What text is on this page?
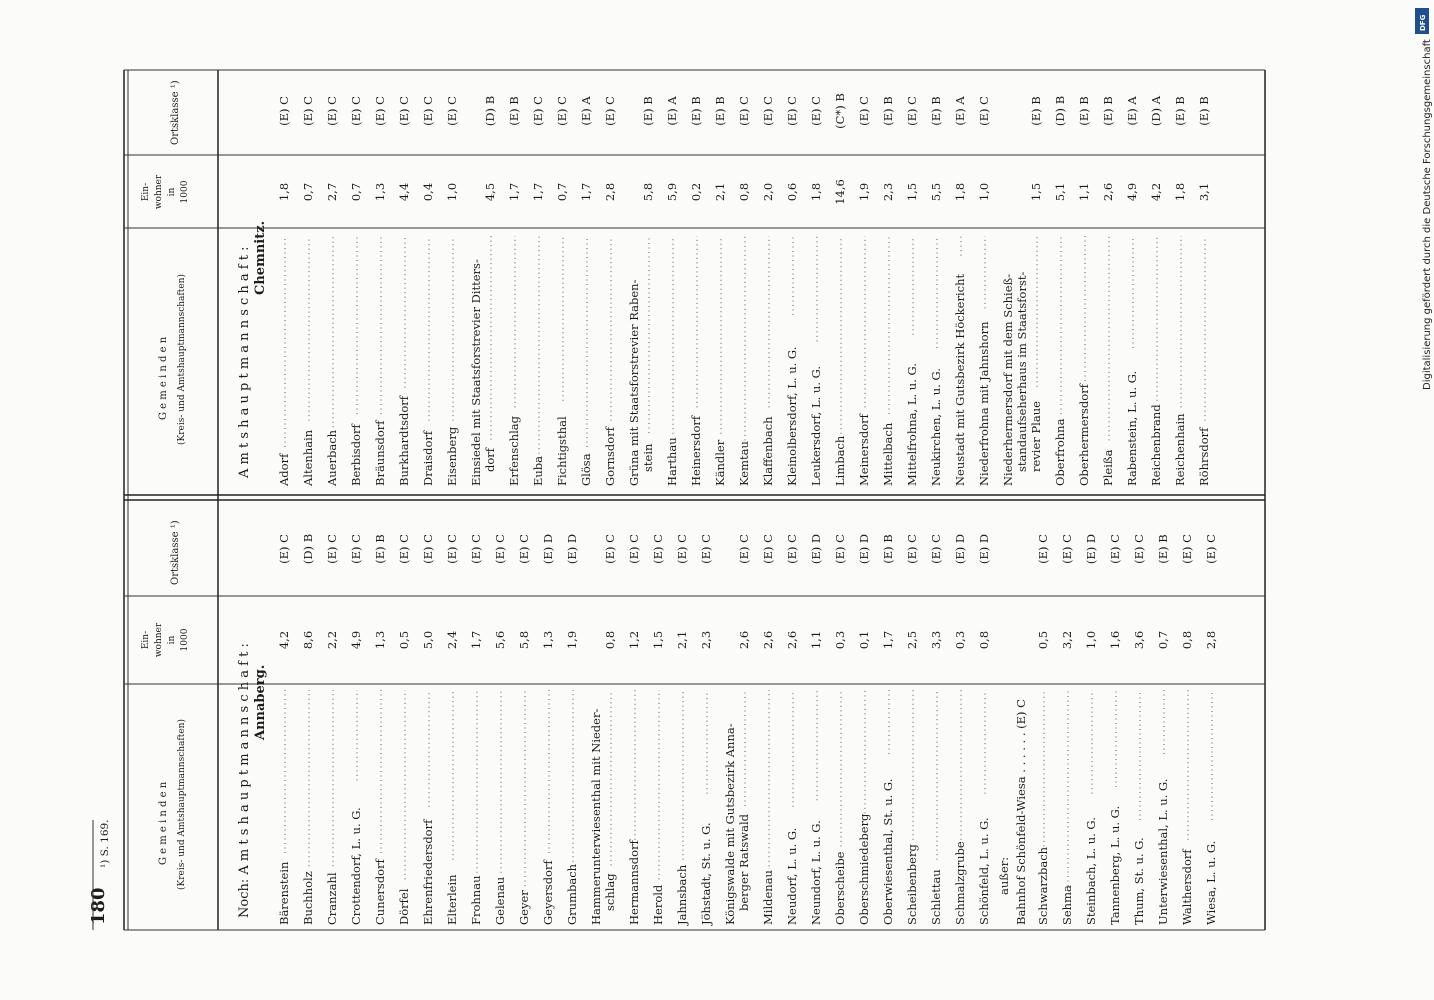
180
¹) S. 169.
Digitalisierung gefördert durch die Deutsche Forschungsgemeinschaft
DFG
G e m e i n d e n (Kreis- und Amtshauptmannschaften)
Ein- wohner in 1000
Ortsklasse ¹)
G e m e i n d e n (Kreis- und Amtshauptmannschaften)
Ein- wohner in 1000
Ortsklasse ¹)
Noch: A m t s h a u p t m a n n s c h a f t : Annaberg.
A m t s h a u p t m a n n s c h a f t : Chemnitz.
Bärenstein
4,2
(E) C
Buchholz
8,6
(D) B
Cranzahl
2,2
(E) C
Crottendorf, L. u. G.
4,9
(E) C
Cunersdorf
1,3
(E) B
Dörfel
0,5
(E) C
Ehrenfriedersdorf
5,0
(E) C
Elterlein
2,4
(E) C
Frohnau
1,7
(E) C
Gelenau
5,6
(E) C
Geyer
5,8
(E) C
Geyersdorf
1,3
(E) D
Grumbach
1,9
(E) D
Hammerunterwiesenthal mit Nieder- schlag
0,8
(E) C
Hermannsdorf
1,2
(E) C
Herold
1,5
(E) C
Jahnsbach
2,1
(E) C
Jöhstadt, St. u. G.
2,3
(E) C
Königswalde mit Gutsbezirk Anna- berger Ratswald
2,6
(E) C
Mildenau
2,6
(E) C
Neudorf, L. u. G.
2,6
(E) C
Neundorf, L. u. G.
1,1
(E) D
Oberscheibe
0,3
(E) C
Oberschmiedeberg
0,1
(E) D
Oberwiesenthal, St. u. G.
1,7
(E) B
Scheibenberg
2,5
(E) C
Schlettau
3,3
(E) C
Schmalzgrube
0,3
(E) D
Schönfeld, L. u. G.
0,8
(E) D
außer: Bahnhof Schönfeld-Wiesa . . . . . . (E) C Schwarzbach
0,5
(E) C
Sehma
3,2
(E) C
Steinbach, L. u. G.
1,0
(E) D
Tannenberg, L. u. G.
1,6
(E) C
Thum, St. u. G.
3,6
(E) C
Unterwiesenthal, L. u. G.
0,7
(E) B
Walthersdorf
0,8
(E) C
Wiesa, L. u. G.
2,8
(E) C
Adorf
1,8
(E) C
Altenhain
0,7
(E) C
Auerbach
2,7
(E) C
Berbisdorf
0,7
(E) C
Bräunsdorf
1,3
(E) C
Burkhardtsdorf
4,4
(E) C
Draisdorf
0,4
(E) C
Eisenberg
1,0
(E) C
Einsiedel mit Staatsforstrevier Ditters- dorf
4,5
(D) B
Erfenschlag
1,7
(E) B
Euba
1,7
(E) C
Fichtigsthal
0,7
(E) C
Glösa
1,7
(E) A
Gornsdorf
2,8
(E) C
Grüna mit Staatsforstrevier Raben- stein
5,8
(E) B
Harthau
5,9
(E) A
Heinersdorf
0,2
(E) B
Kändler
2,1
(E) B
Kemtau
0,8
(E) C
Klaffenbach
2,0
(E) C
Kleinolbersdorf, L. u. G.
0,6
(E) C
Leukersdorf, L. u. G.
1,8
(E) C
Limbach
14,6
(C*) B
Meinersdorf
1,9
(E) C
Mittelbach
2,3
(E) B
Mittelfrohna, L. u. G.
1,5
(E) C
Neukirchen, L. u. G.
5,5
(E) B
Neustadt mit Gutsbezirk Höckericht
1,8
(E) A
Niederfrohna mit Jahnshorn
1,0
(E) C
Niederhermersdorf mit dem Schieß- standaufseherhaus im Staatsforst- revier Plaue
1,5
(E) B
Oberfrohna
5,1
(D) B
Oberhermersdorf
1,1
(E) B
Pleißa
2,6
(E) B
Rabenstein, L. u. G.
4,9
(E) A
Reichenbrand
4,2
(D) A
Reichenhain
1,8
(E) B
Röhrsdorf
3,1
(E) B
